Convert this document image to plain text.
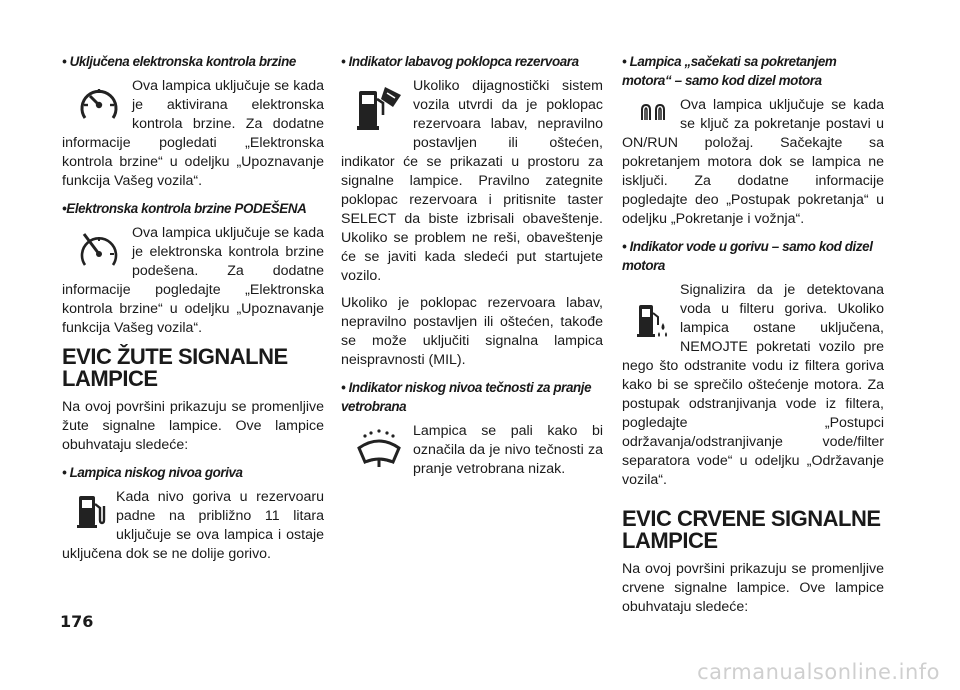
• Uključena elektronska kontrola brzine
Ova lampica uključuje se kada je aktivirana elektronska kontrola brzine. Za dodatne informacije pogledati „Elektronska kontrola brzine“ u odeljku „Upoznavanje funkcija Vašeg vozila“.
•Elektronska kontrola brzine PODEŠENA
Ova lampica uključuje se kada je elektronska kontrola brzine podešena. Za dodatne informacije pogledajte „Elektronska kontrola brzine“ u odeljku „Upoznavanje funkcija Vašeg vozila“.
EVIC ŽUTE SIGNALNE
LAMPICE

Na ovoj površini prikazuju se promenljive žute signalne lampice. Ove lampice obuhvataju sledeće:

• Lampica niskog nivoa goriva
Kada nivo goriva u rezervoaru padne na približno 11 litara uključuje se ova lampica i ostaje uključena dok se ne dolije gorivo.
• Indikator labavog poklopca rezervoara
Ukoliko dijagnostički sistem vozila utvrdi da je poklopac rezervoara labav, nepravilno postavljen ili oštećen, indikator će se prikazati u prostoru za signalne lampice. Pravilno zategnite poklopac rezervoara i pritisnite taster SELECT da biste izbrisali obaveštenje. Ukoliko se problem ne reši, obaveštenje će se javiti kada sledeći put startujete vozilo.

Ukoliko je poklopac rezervoara labav, nepravilno postavljen ili oštećen, takođe se može uključiti signalna lampica neispravnosti (MIL).

• Indikator niskog nivoa tečnosti za pranje vetrobrana
Lampica se pali kako bi označila da je nivo tečnosti za pranje vetrobrana nizak.
• Lampica „sačekati sa pokretanjem motora“ – samo kod dizel motora
Ova lampica uključuje se kada se ključ za pokretanje postavi u ON/RUN položaj. Sačekajte sa pokretanjem motora dok se lampica ne isključi. Za dodatne informacije pogledajte deo „Postupak pokretanja“ u odeljku „Pokretanje i vožnja“.
• Indikator vode u gorivu – samo kod dizel motora
Signalizira da je detektovana voda u filteru goriva. Ukoliko lampica ostane uključena, NEMOJTE pokretati vozilo pre nego što odstranite vodu iz filtera goriva kako bi se sprečilo oštećenje motora. Za postupak odstranjivanja vode iz filtera, pogledajte „Postupci održavanja/odstranjivanje vode/filter separatora vode“ u odeljku „Održavanje vozila“.
EVIC CRVENE SIGNALNE
LAMPICE

Na ovoj površini prikazuju se promenljive crvene signalne lampice. Ove lampice obuhvataju sledeće:

176
carmanualsonline.info
